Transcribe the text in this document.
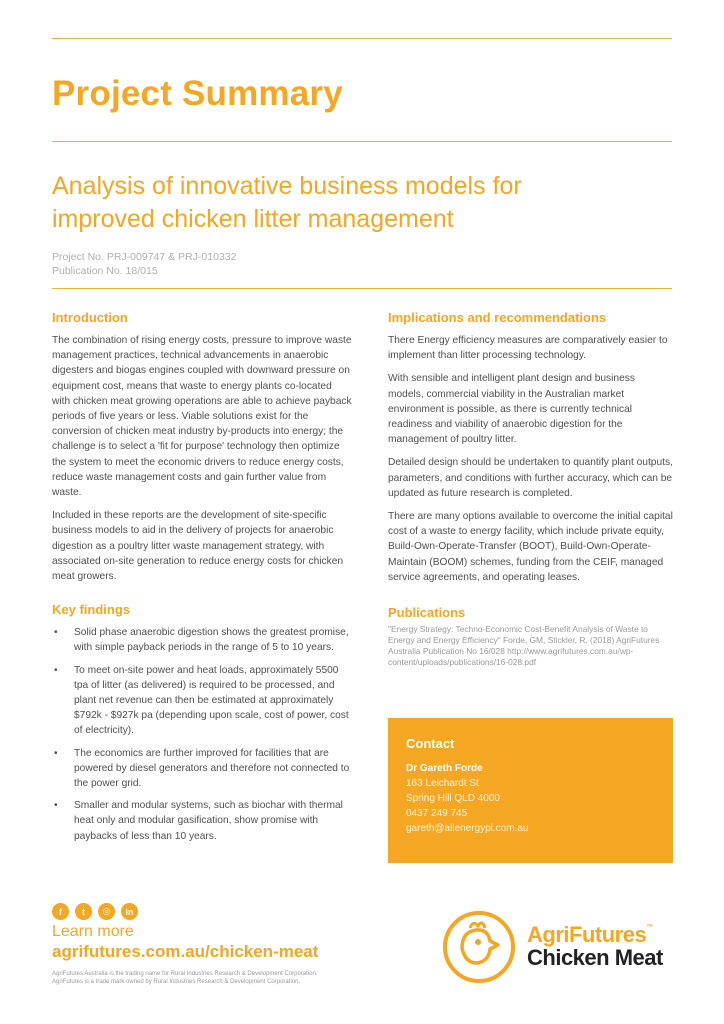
Project Summary
Analysis of innovative business models for
improved chicken litter management
Project No. PRJ-009747 & PRJ-010332
Publication No. 18/015
Introduction

The combination of rising energy costs, pressure to improve waste management practices, technical advancements in anaerobic digesters and biogas engines coupled with downward pressure on equipment cost, means that waste to energy plants co-located with chicken meat growing operations are able to achieve payback periods of five years or less. Viable solutions exist for the conversion of chicken meat industry by-products into energy; the challenge is to select a 'fit for purpose' technology then optimize the system to meet the economic drivers to reduce energy costs, reduce waste management costs and gain further value from waste.

Included in these reports are the development of site-specific business models to aid in the delivery of projects for anaerobic digestion as a poultry litter waste management strategy, with associated on-site generation to reduce energy costs for chicken meat growers.

Key findings
• Solid phase anaerobic digestion shows the greatest promise, with simple payback periods in the range of 5 to 10 years.
• To meet on-site power and heat loads, approximately 5500 tpa of litter (as delivered) is required to be processed, and plant net revenue can then be estimated at approximately $792k - $927k pa (depending upon scale, cost of power, cost of electricity).
• The economics are further improved for facilities that are powered by diesel generators and therefore not connected to the power grid.
• Smaller and modular systems, such as biochar with thermal heat only and modular gasification, show promise with paybacks of less than 10 years.
Implications and recommendations

There Energy efficiency measures are comparatively easier to implement than litter processing technology.

With sensible and intelligent plant design and business models, commercial viability in the Australian market environment is possible, as there is currently technical readiness and viability of anaerobic digestion for the management of poultry litter.

Detailed design should be undertaken to quantify plant outputs, parameters, and conditions with further accuracy, which can be updated as future research is completed.

There are many options available to overcome the initial capital cost of a waste to energy facility, which include private equity, Build-Own-Operate-Transfer (BOOT), Build-Own-Operate-Maintain (BOOM) schemes, funding from the CEIF, managed service agreements, and operating leases.

Publications
"Energy Strategy: Techno-Economic Cost-Benefit Analysis of Waste to Energy and Energy Efficiency" Forde, GM, Stickler, R. (2018) AgriFutures Australia Publication No 16/028 http://www.agrifutures.com.au/wp-content/uploads/publications/16-028.pdf
Contact
Dr Gareth Forde
163 Leichardt St
Spring Hill QLD 4000
0437 249 745
gareth@allenergypl.com.au
f	t	◎	in
Learn more
agrifutures.com.au/chicken-meat
AgriFutures Australia is the trading name for Rural Industries Research & Development Corporation.
AgriFutures is a trade mark owned by Rural Industries Research & Development Corporation.
AgriFutures™
Chicken Meat
